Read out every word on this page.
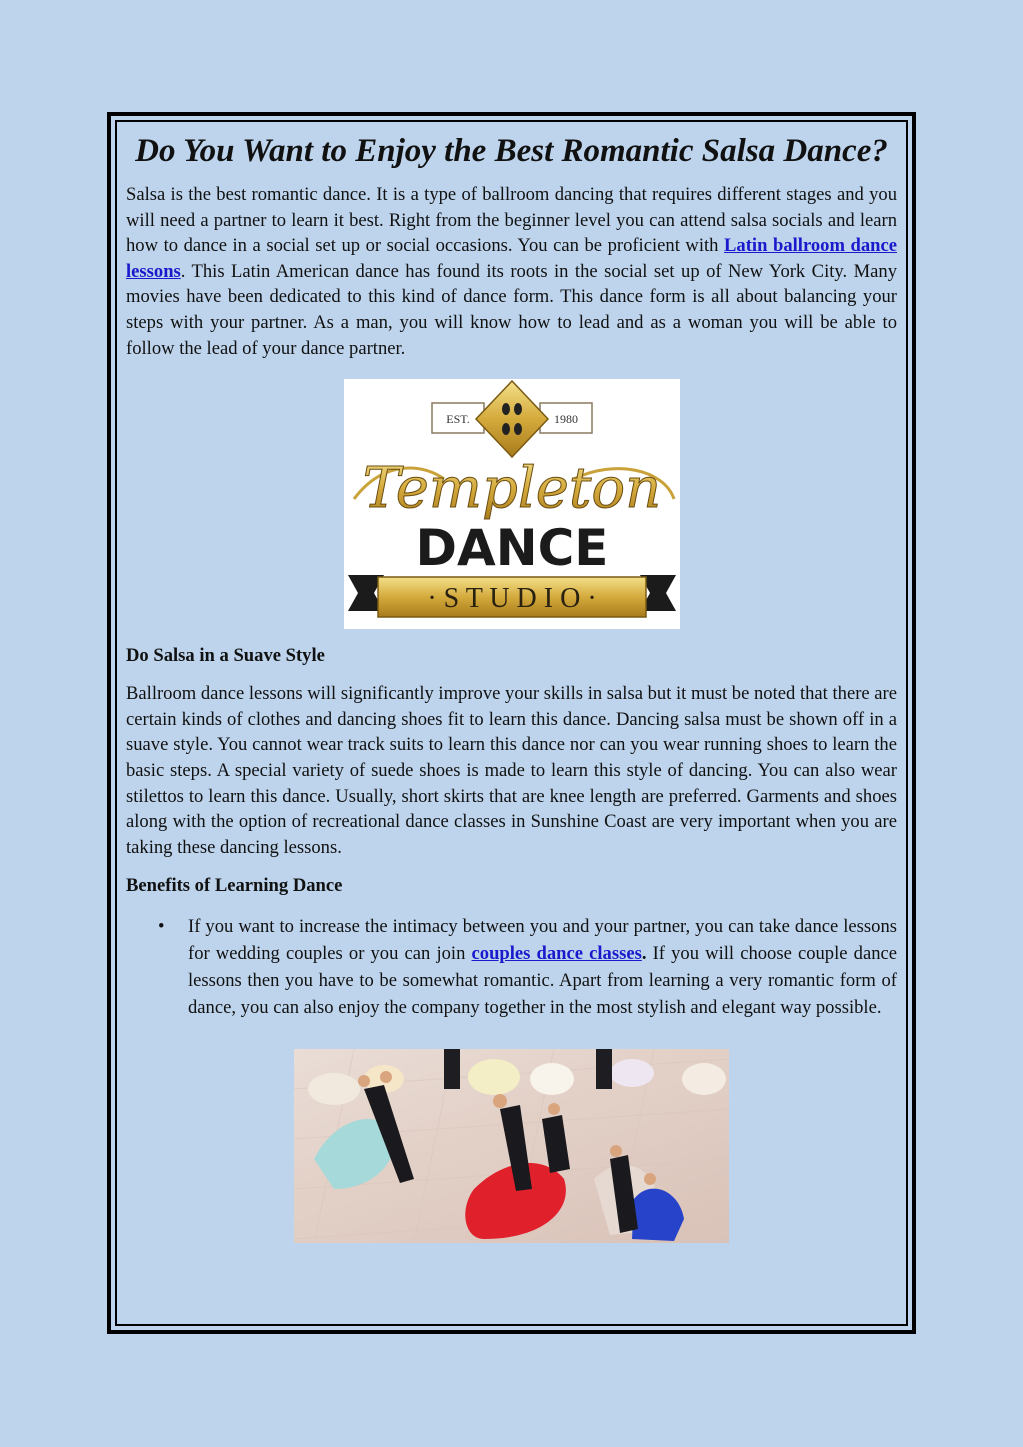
Do You Want to Enjoy the Best Romantic Salsa Dance?

Salsa is the best romantic dance. It is a type of ballroom dancing that requires different stages and you will need a partner to learn it best. Right from the beginner level you can attend salsa socials and learn how to dance in a social set up or social occasions. You can be proficient with Latin ballroom dance lessons. This Latin American dance has found its roots in the social set up of New York City. Many movies have been dedicated to this kind of dance form. This dance form is all about balancing your steps with your partner. As a man, you will know how to lead and as a woman you will be able to follow the lead of your dance partner.

EST.	1980
Templeton
DANCE
· S T U D I O ·
Do Salsa in a Suave Style

Ballroom dance lessons will significantly improve your skills in salsa but it must be noted that there are certain kinds of clothes and dancing shoes fit to learn this dance. Dancing salsa must be shown off in a suave style. You cannot wear track suits to learn this dance nor can you wear running shoes to learn the basic steps. A special variety of suede shoes is made to learn this style of dancing. You can also wear stilettos to learn this dance. Usually, short skirts that are knee length are preferred. Garments and shoes along with the option of recreational dance classes in Sunshine Coast are very important when you are taking these dancing lessons.

Benefits of Learning Dance
• If you want to increase the intimacy between you and your partner, you can take dance lessons for wedding couples or you can join couples dance classes. If you will choose couple dance lessons then you have to be somewhat romantic. Apart from learning a very romantic form of dance, you can also enjoy the company together in the most stylish and elegant way possible.
